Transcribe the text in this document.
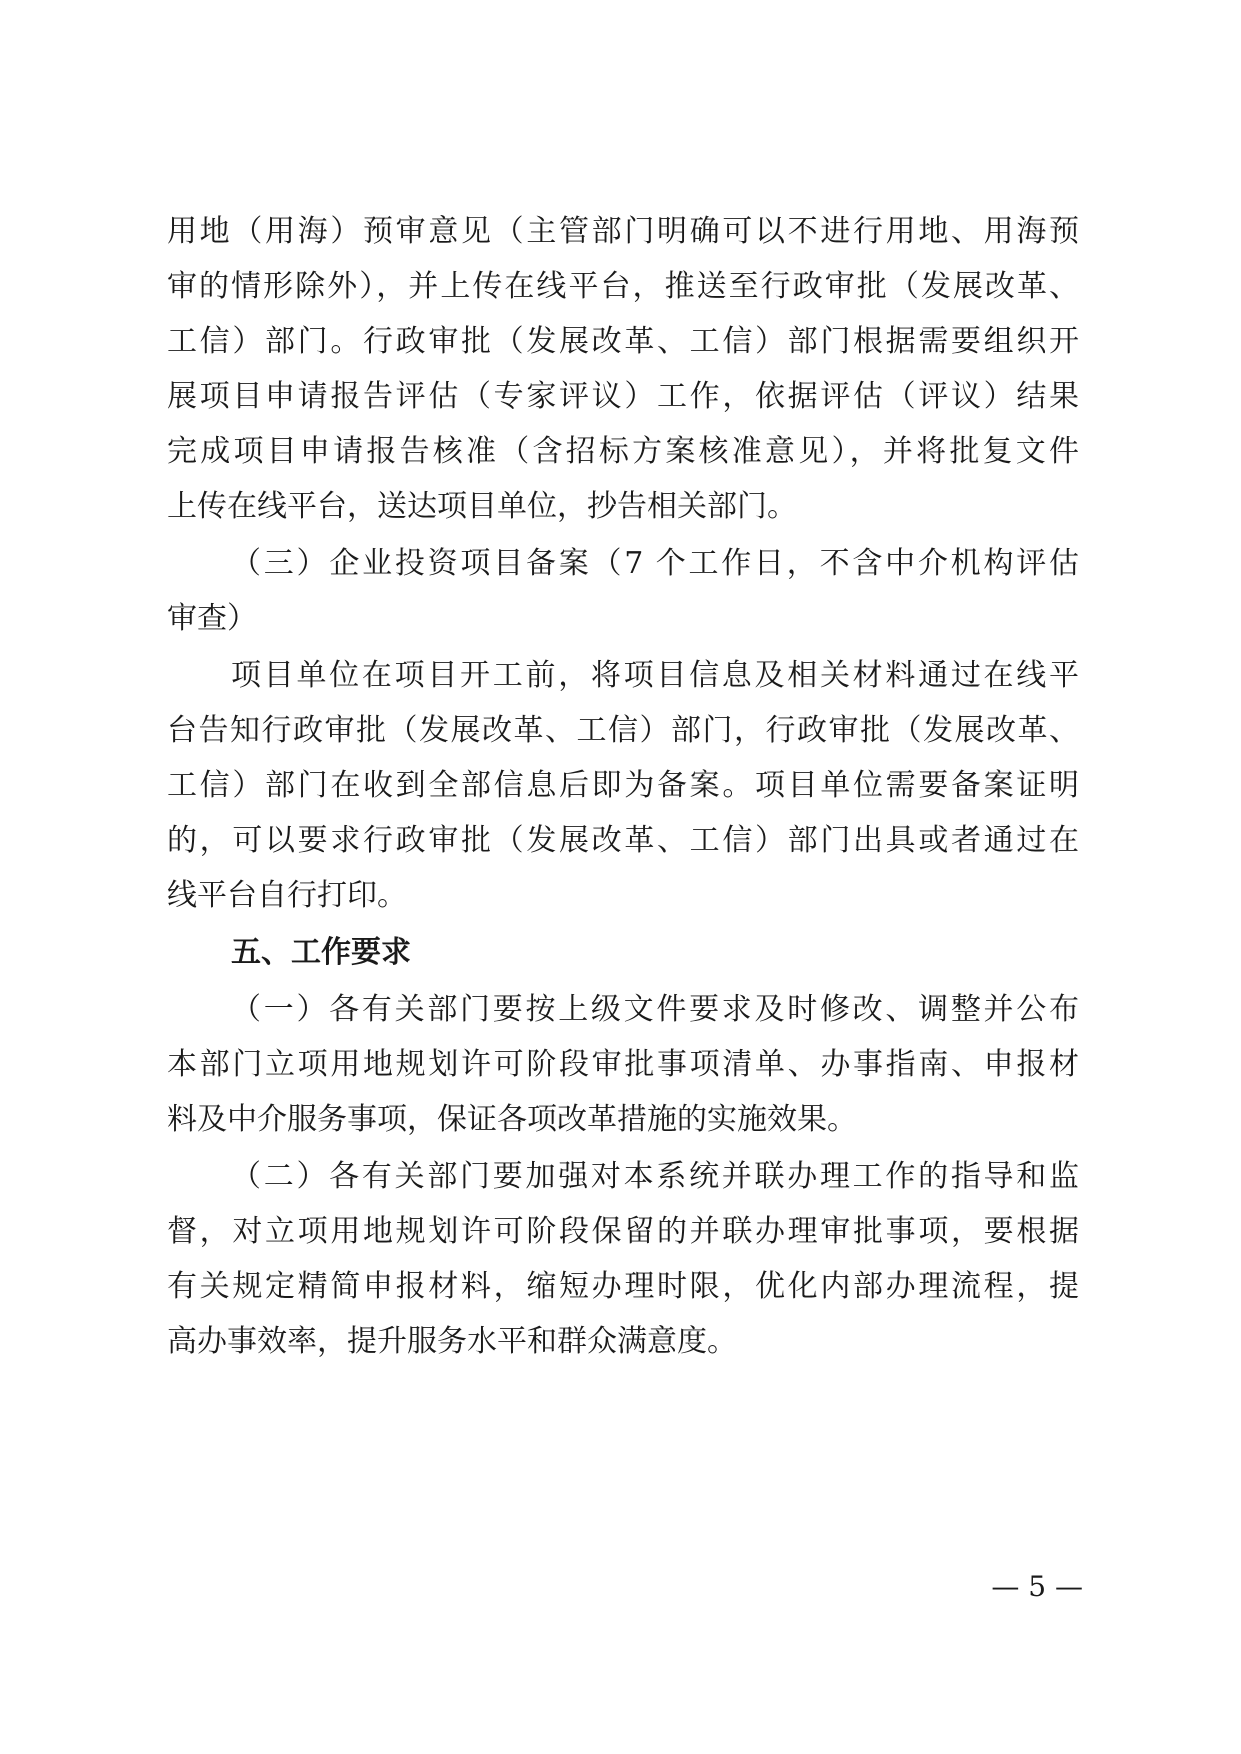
用地（用海）预审意见（主管部门明确可以不进行用地、用海预
审的情形除外），并上传在线平台，推送至行政审批（发展改革、
工信）部门。行政审批（发展改革、工信）部门根据需要组织开
展项目申请报告评估（专家评议）工作，依据评估（评议）结果
完成项目申请报告核准（含招标方案核准意见），并将批复文件
上传在线平台，送达项目单位，抄告相关部门。
（三）企业投资项目备案（7 个工作日，不含中介机构评估
审查）
项目单位在项目开工前，将项目信息及相关材料通过在线平
台告知行政审批（发展改革、工信）部门，行政审批（发展改革、
工信）部门在收到全部信息后即为备案。项目单位需要备案证明
的，可以要求行政审批（发展改革、工信）部门出具或者通过在
线平台自行打印。
五、工作要求
（一）各有关部门要按上级文件要求及时修改、调整并公布
本部门立项用地规划许可阶段审批事项清单、办事指南、申报材
料及中介服务事项，保证各项改革措施的实施效果。
（二）各有关部门要加强对本系统并联办理工作的指导和监
督，对立项用地规划许可阶段保留的并联办理审批事项，要根据
有关规定精简申报材料，缩短办理时限，优化内部办理流程，提
高办事效率，提升服务水平和群众满意度。
— 5 —
